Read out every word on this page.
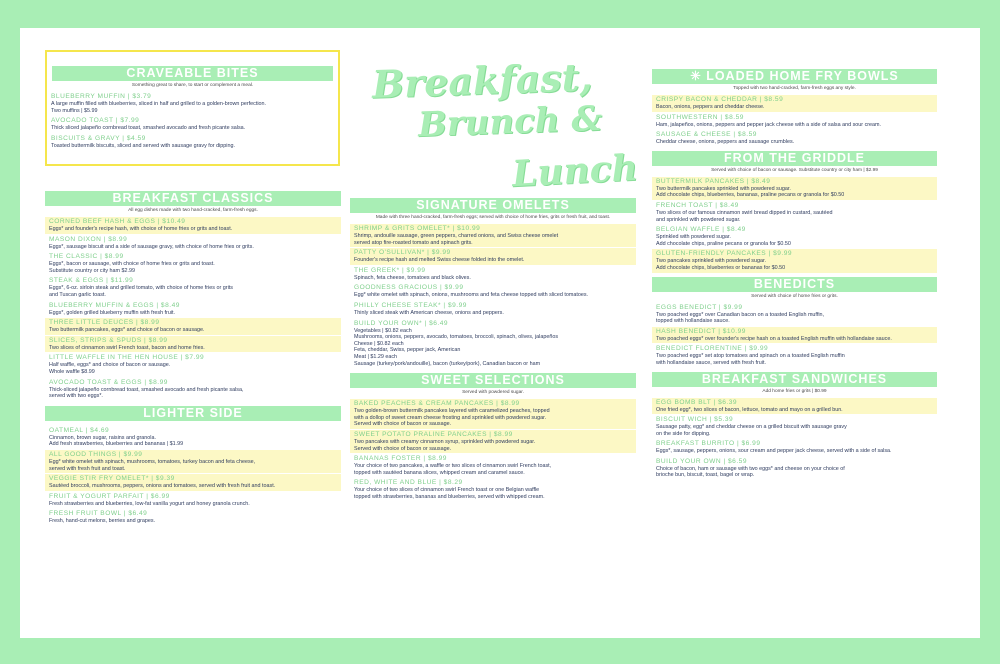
CRAVEABLE BITES
Something great to share, to start or complement a meal.
BLUEBERRY MUFFIN | $3.79
A large muffin filled with blueberries, sliced in half and grilled to a golden-brown perfection.
Two muffins | $5.99
AVOCADO TOAST | $7.99
Thick sliced jalapeño cornbread toast, smashed avocado and fresh picante salsa.
BISCUITS & GRAVY | $4.59
Toasted buttermilk biscuits, sliced and served with sausage gravy for dipping.
BREAKFAST CLASSICS
All egg dishes made with two hand-cracked, farm-fresh eggs.
CORNED BEEF HASH & EGGS | $10.49
Eggs* and founder's recipe hash, with choice of home fries or grits and toast.
MASON DIXON | $8.99
Eggs*, sausage biscuit and a side of sausage gravy, with choice of home fries or grits.
THE CLASSIC | $8.99
Eggs*, bacon or sausage, with choice of home fries or grits and toast.
Substitute country or city ham $2.99
STEAK & EGGS | $11.99
Eggs*, 6-oz. sirloin steak and grilled tomato, with choice of home fries or grits
and Tuscan garlic toast.
BLUEBERRY MUFFIN & EGGS | $8.49
Eggs*, golden grilled blueberry muffin with fresh fruit.
THREE LITTLE DEUCES | $8.99
Two buttermilk pancakes, eggs* and choice of bacon or sausage.
SLICES, STRIPS & SPUDS | $8.99
Two slices of cinnamon swirl French toast, bacon and home fries.
LITTLE WAFFLE IN THE HEN HOUSE | $7.99
Half waffle, eggs* and choice of bacon or sausage.
Whole waffle $8.99
AVOCADO TOAST & EGGS | $8.99
Thick-sliced jalapeño cornbread toast, smashed avocado and fresh picante salsa,
served with two eggs*.
LIGHTER SIDE
OATMEAL | $4.69
Cinnamon, brown sugar, raisins and granola.
Add fresh strawberries, blueberries and bananas | $1.99
ALL GOOD THINGS | $9.99
Egg* white omelet with spinach, mushrooms, tomatoes, turkey bacon and feta cheese,
served with fresh fruit and toast.
VEGGIE STIR FRY OMELET* | $9.39
Sautéed broccoli, mushrooms, peppers, onions and tomatoes, served with fresh fruit and toast.
FRUIT & YOGURT PARFAIT | $6.99
Fresh strawberries and blueberries, low-fat vanilla yogurt and honey granola crunch.
FRESH FRUIT BOWL | $6.49
Fresh, hand-cut melons, berries and grapes.
Breakfast,
Brunch &
Lunch
SIGNATURE OMELETS
Made with three hand-cracked, farm-fresh eggs; served with choice of home fries, grits or fresh fruit, and toast.
SHRIMP & GRITS OMELET* | $10.99
Shrimp, andouille sausage, green peppers, charred onions, and Swiss cheese omelet
served atop fire-roasted tomato and spinach grits.
PATTY O'SULLIVAN* | $9.99
Founder's recipe hash and melted Swiss cheese folded into the omelet.
THE GREEK* | $9.99
Spinach, feta cheese, tomatoes and black olives.
GOODNESS GRACIOUS | $9.99
Egg* white omelet with spinach, onions, mushrooms and feta cheese topped with sliced tomatoes.
PHILLY CHEESE STEAK* | $9.99
Thinly sliced steak with American cheese, onions and peppers.
BUILD YOUR OWN* | $6.49
Vegetables | $0.82 each
Mushrooms, onions, peppers, avocado, tomatoes, broccoli, spinach, olives, jalapeños
Cheese | $0.82 each
Feta, cheddar, Swiss, pepper jack, American
Meat | $1.29 each
Sausage (turkey/pork/andouille), bacon (turkey/pork), Canadian bacon or ham
SWEET SELECTIONS
Served with powdered sugar.
BAKED PEACHES & CREAM PANCAKES | $8.99
Two golden-brown buttermilk pancakes layered with caramelized peaches, topped
with a dollop of sweet cream cheese frosting and sprinkled with powdered sugar.
Served with choice of bacon or sausage.
SWEET POTATO PRALINE PANCAKES | $8.99
Two pancakes with creamy cinnamon syrup, sprinkled with powdered sugar.
Served with choice of bacon or sausage.
BANANAS FOSTER | $8.99
Your choice of two pancakes, a waffle or two slices of cinnamon swirl French toast,
topped with sautéed banana slices, whipped cream and caramel sauce.
RED, WHITE AND BLUE | $8.29
Your choice of two slices of cinnamon swirl French toast or one Belgian waffle
topped with strawberries, bananas and blueberries, served with whipped cream.
✳ LOADED HOME FRY BOWLS
Topped with two hand-cracked, farm-fresh eggs any style.
CRISPY BACON & CHEDDAR | $8.59
Bacon, onions, peppers and cheddar cheese.
SOUTHWESTERN | $8.59
Ham, jalapeños, onions, peppers and pepper jack cheese with a side of salsa and sour cream.
SAUSAGE & CHEESE | $8.59
Cheddar cheese, onions, peppers and sausage crumbles.
FROM THE GRIDDLE
Served with choice of bacon or sausage. Substitute country or city ham | $2.99
BUTTERMILK PANCAKES | $8.49
Two buttermilk pancakes sprinkled with powdered sugar.
Add chocolate chips, blueberries, bananas, praline pecans or granola for $0.50
FRENCH TOAST | $8.49
Two slices of our famous cinnamon swirl bread dipped in custard, sautéed
and sprinkled with powdered sugar.
BELGIAN WAFFLE | $8.49
Sprinkled with powdered sugar.
Add chocolate chips, praline pecans or granola for $0.50
GLUTEN-FRIENDLY PANCAKES | $9.99
Two pancakes sprinkled with powdered sugar.
Add chocolate chips, blueberries or bananas for $0.50
BENEDICTS
Served with choice of home fries or grits.
EGGS BENEDICT | $9.99
Two poached eggs* over Canadian bacon on a toasted English muffin,
topped with hollandaise sauce.
HASH BENEDICT | $10.99
Two poached eggs* over founder's recipe hash on a toasted English muffin with hollandaise sauce.
BENEDICT FLORENTINE | $9.99
Two poached eggs* set atop tomatoes and spinach on a toasted English muffin
with hollandaise sauce, served with fresh fruit.
BREAKFAST SANDWICHES
Add home fries or grits | $0.99
EGG BOMB BLT | $6.39
One fried egg*, two slices of bacon, lettuce, tomato and mayo on a grilled bun.
BISCUIT WICH | $5.39
Sausage patty, egg* and cheddar cheese on a grilled biscuit with sausage gravy
on the side for dipping.
BREAKFAST BURRITO | $6.99
Eggs*, sausage, peppers, onions, sour cream and pepper jack cheese, served with a side of salsa.
BUILD YOUR OWN | $6.59
Choice of bacon, ham or sausage with two eggs* and cheese on your choice of
brioche bun, biscuit, toast, bagel or wrap.
